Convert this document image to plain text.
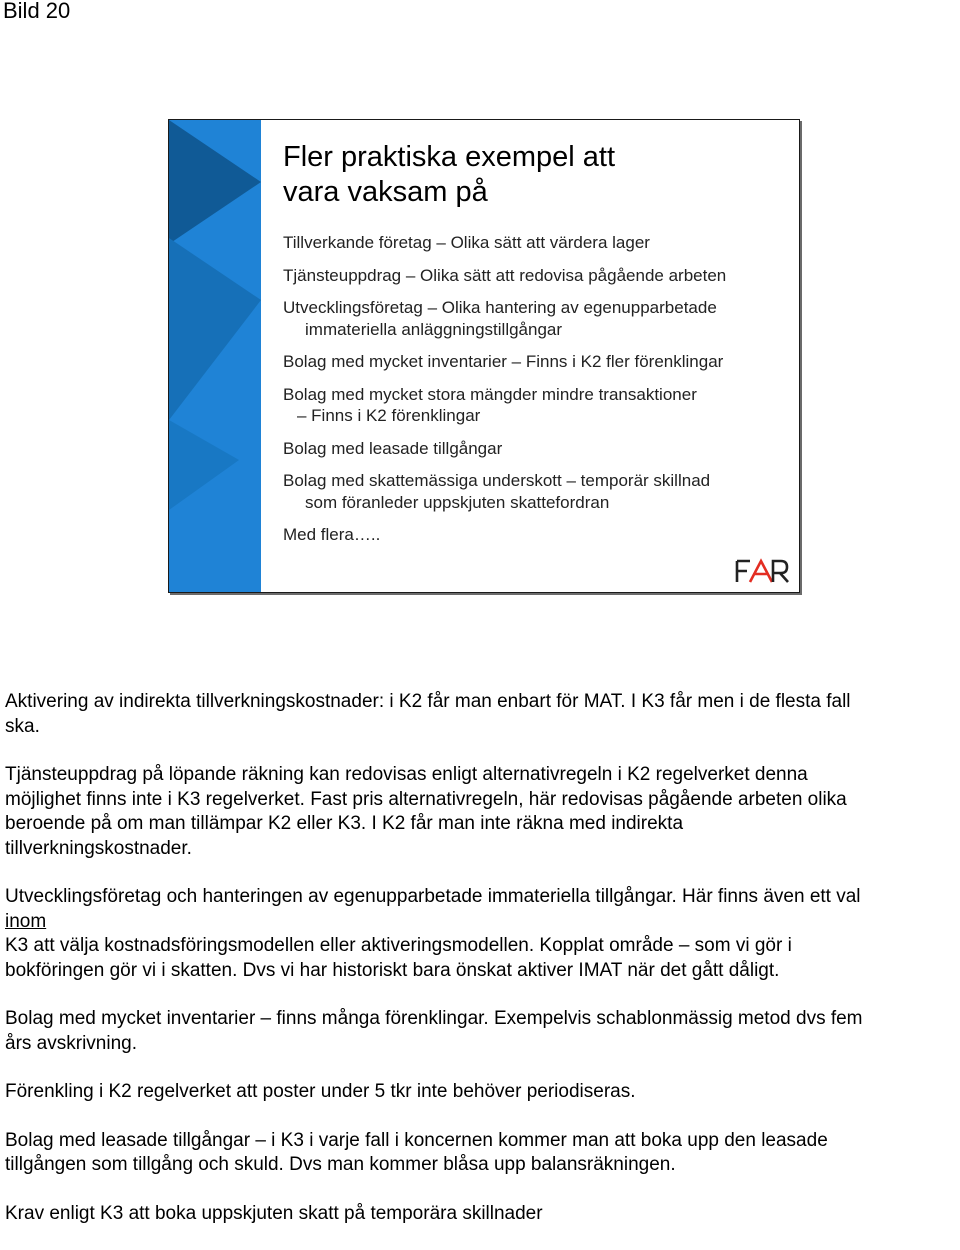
Bild 20
Fler praktiska exempel att
vara vaksam på

Tillverkande företag – Olika sätt att värdera lager

Tjänsteuppdrag – Olika sätt att redovisa pågående arbeten

Utvecklingsföretag – Olika hantering av egenupparbetade
immateriella anläggningstillgångar

Bolag med mycket inventarier – Finns i K2 fler förenklingar

Bolag med mycket stora mängder mindre transaktioner
– Finns i K2 förenklingar

Bolag med leasade tillgångar

Bolag med skattemässiga underskott – temporär skillnad
som föranleder uppskjuten skattefordran

Med flera…..

Aktivering av indirekta tillverkningskostnader: i K2 får man enbart för MAT. I K3 får men i de flesta fall
ska.

Tjänsteuppdrag på löpande räkning kan redovisas enligt alternativregeln i K2 regelverket denna
möjlighet finns inte i K3 regelverket. Fast pris alternativregeln, här redovisas pågående arbeten olika
beroende på om man tillämpar K2 eller K3. I K2 får man inte räkna med indirekta
tillverkningskostnader.

Utvecklingsföretag och hanteringen av egenupparbetade immateriella tillgångar. Här finns även ett val
inom
K3 att välja kostnadsföringsmodellen eller aktiveringsmodellen. Kopplat område – som vi gör i
bokföringen gör vi i skatten. Dvs vi har historiskt bara önskat aktiver IMAT när det gått dåligt.

Bolag med mycket inventarier – finns många förenklingar. Exempelvis schablonmässig metod dvs fem
års avskrivning.

Förenkling i K2 regelverket att poster under 5 tkr inte behöver periodiseras.

Bolag med leasade tillgångar – i K3 i varje fall i koncernen kommer man att boka upp den leasade
tillgången som tillgång och skuld. Dvs man kommer blåsa upp balansräkningen.

Krav enligt K3 att boka uppskjuten skatt på temporära skillnader
